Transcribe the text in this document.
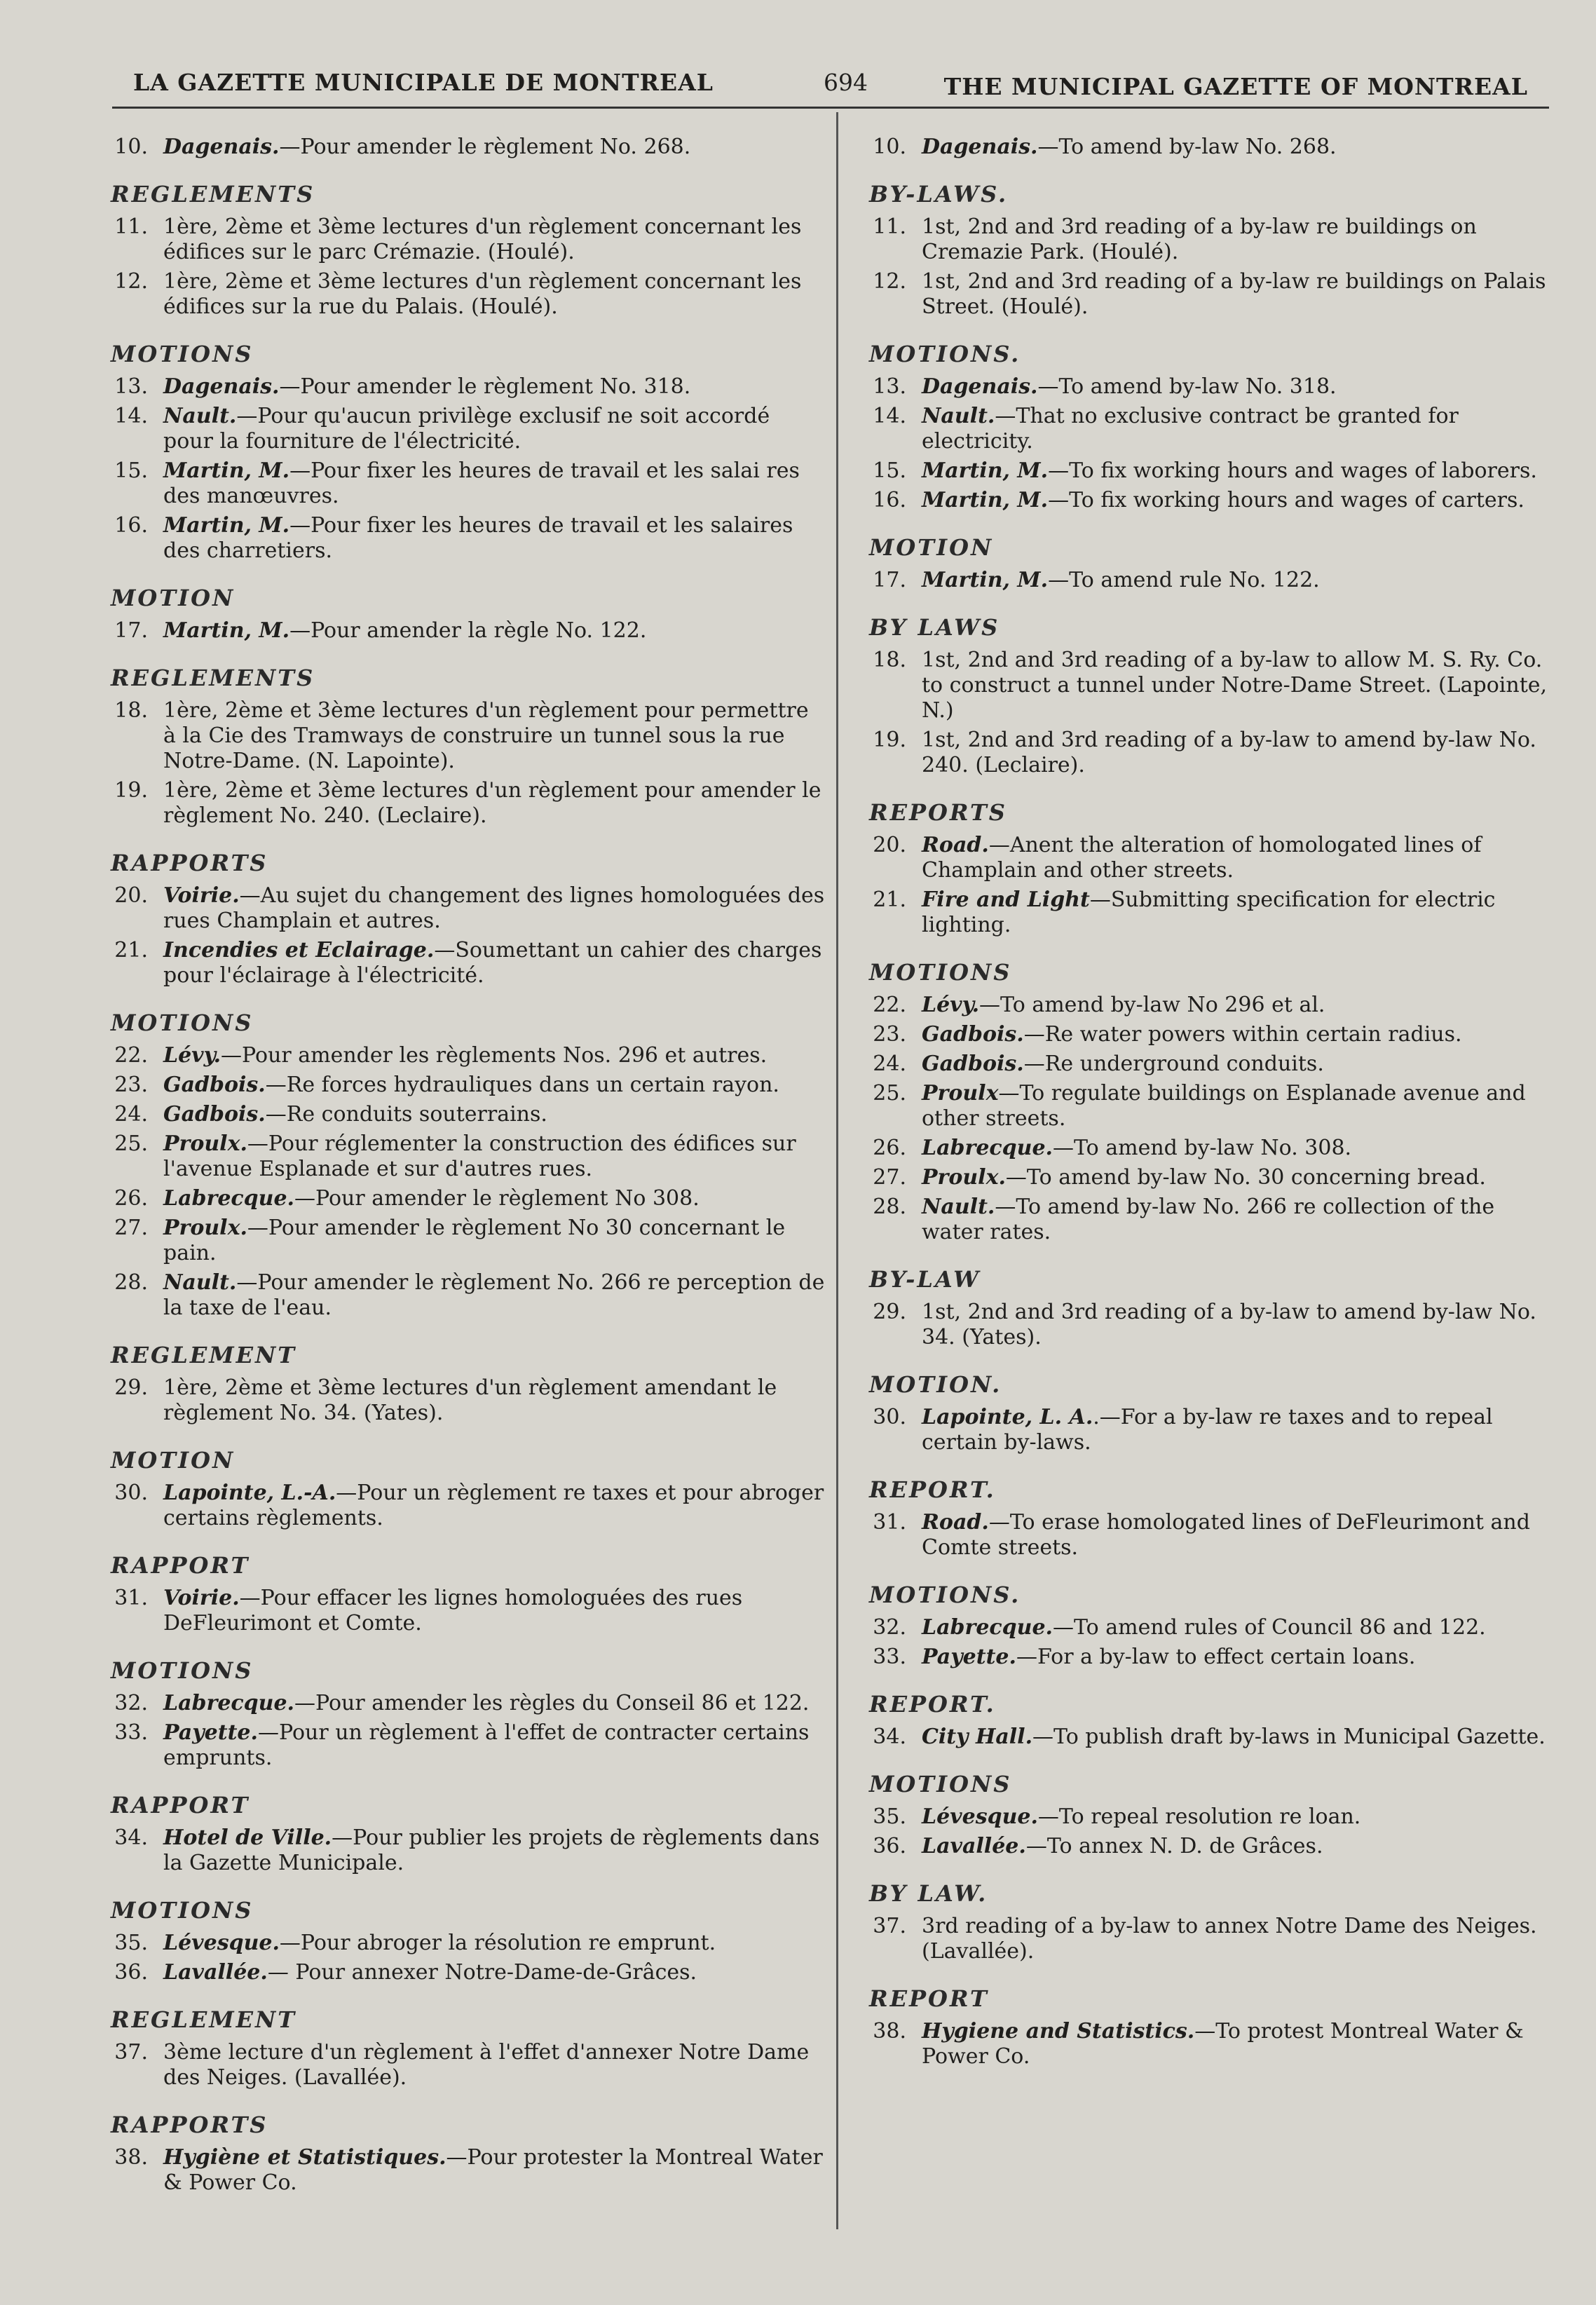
LA GAZETTE MUNICIPALE DE MONTREAL	694	THE MUNICIPAL GAZETTE OF MONTREAL
10. Dagenais.—Pour amender le règlement No. 268.
REGLEMENTS
11. 1ère, 2ème et 3ème lectures d'un règlement concernant les édifices sur le parc Crémazie. (Houlé).
12. 1ère, 2ème et 3ème lectures d'un règlement concernant les édifices sur la rue du Palais. (Houlé).
MOTIONS
13. Dagenais.—Pour amender le règlement No. 318.
14. Nault.—Pour qu'aucun privilège exclusif ne soit accordé pour la fourniture de l'électricité.
15. Martin, M.—Pour fixer les heures de travail et les salai res des manœuvres.
16. Martin, M.—Pour fixer les heures de travail et les salaires des charretiers.
MOTION
17. Martin, M.—Pour amender la règle No. 122.
REGLEMENTS
18. 1ère, 2ème et 3ème lectures d'un règlement pour permettre à la Cie des Tramways de construire un tunnel sous la rue Notre-Dame. (N. Lapointe).
19. 1ère, 2ème et 3ème lectures d'un règlement pour amender le règlement No. 240. (Leclaire).
RAPPORTS
20. Voirie.—Au sujet du changement des lignes homologuées des rues Champlain et autres.
21. Incendies et Eclairage.—Soumettant un cahier des charges pour l'éclairage à l'électricité.
MOTIONS
22. Lévy.—Pour amender les règlements Nos. 296 et autres.
23. Gadbois.—Re forces hydrauliques dans un certain rayon.
24. Gadbois.—Re conduits souterrains.
25. Proulx.—Pour réglementer la construction des édifices sur l'avenue Esplanade et sur d'autres rues.
26. Labrecque.—Pour amender le règlement No 308.
27. Proulx.—Pour amender le règlement No 30 concernant le pain.
28. Nault.—Pour amender le règlement No. 266 re perception de la taxe de l'eau.
REGLEMENT
29. 1ère, 2ème et 3ème lectures d'un règlement amendant le règlement No. 34. (Yates).
MOTION
30. Lapointe, L.-A.—Pour un règlement re taxes et pour abroger certains règlements.
RAPPORT
31. Voirie.—Pour effacer les lignes homologuées des rues DeFleurimont et Comte.
MOTIONS
32. Labrecque.—Pour amender les règles du Conseil 86 et 122.
33. Payette.—Pour un règlement à l'effet de contracter certains emprunts.
RAPPORT
34. Hotel de Ville.—Pour publier les projets de règlements dans la Gazette Municipale.
MOTIONS
35. Lévesque.—Pour abroger la résolution re emprunt.
36. Lavallée.— Pour annexer Notre-Dame-de-Grâces.
REGLEMENT
37. 3ème lecture d'un règlement à l'effet d'annexer Notre Dame des Neiges. (Lavallée).
RAPPORTS
38. Hygiène et Statistiques.—Pour protester la Montreal Water & Power Co.
10. Dagenais.—To amend by-law No. 268.
BY-LAWS.
11. 1st, 2nd and 3rd reading of a by-law re buildings on Cremazie Park. (Houlé).
12. 1st, 2nd and 3rd reading of a by-law re buildings on Palais Street. (Houlé).
MOTIONS.
13. Dagenais.—To amend by-law No. 318.
14. Nault.—That no exclusive contract be granted for electricity.
15. Martin, M.—To fix working hours and wages of laborers.
16. Martin, M.—To fix working hours and wages of carters.
MOTION
17. Martin, M.—To amend rule No. 122.
BY LAWS
18. 1st, 2nd and 3rd reading of a by-law to allow M. S. Ry. Co. to construct a tunnel under Notre-Dame Street. (Lapointe, N.)
19. 1st, 2nd and 3rd reading of a by-law to amend by-law No. 240. (Leclaire).
REPORTS
20. Road.—Anent the alteration of homologated lines of Champlain and other streets.
21. Fire and Light—Submitting specification for electric lighting.
MOTIONS
22. Lévy.—To amend by-law No 296 et al.
23. Gadbois.—Re water powers within certain radius.
24. Gadbois.—Re underground conduits.
25. Proulx—To regulate buildings on Esplanade avenue and other streets.
26. Labrecque.—To amend by-law No. 308.
27. Proulx.—To amend by-law No. 30 concerning bread.
28. Nault.—To amend by-law No. 266 re collection of the water rates.
BY-LAW
29. 1st, 2nd and 3rd reading of a by-law to amend by-law No. 34. (Yates).
MOTION.
30. Lapointe, L. A..—For a by-law re taxes and to repeal certain by-laws.
REPORT.
31. Road.—To erase homologated lines of DeFleurimont and Comte streets.
MOTIONS.
32. Labrecque.—To amend rules of Council 86 and 122.
33. Payette.—For a by-law to effect certain loans.
REPORT.
34. City Hall.—To publish draft by-laws in Municipal Gazette.
MOTIONS
35. Lévesque.—To repeal resolution re loan.
36. Lavallée.—To annex N. D. de Grâces.
BY LAW.
37. 3rd reading of a by-law to annex Notre Dame des Neiges. (Lavallée).
REPORT
38. Hygiene and Statistics.—To protest Montreal Water & Power Co.
